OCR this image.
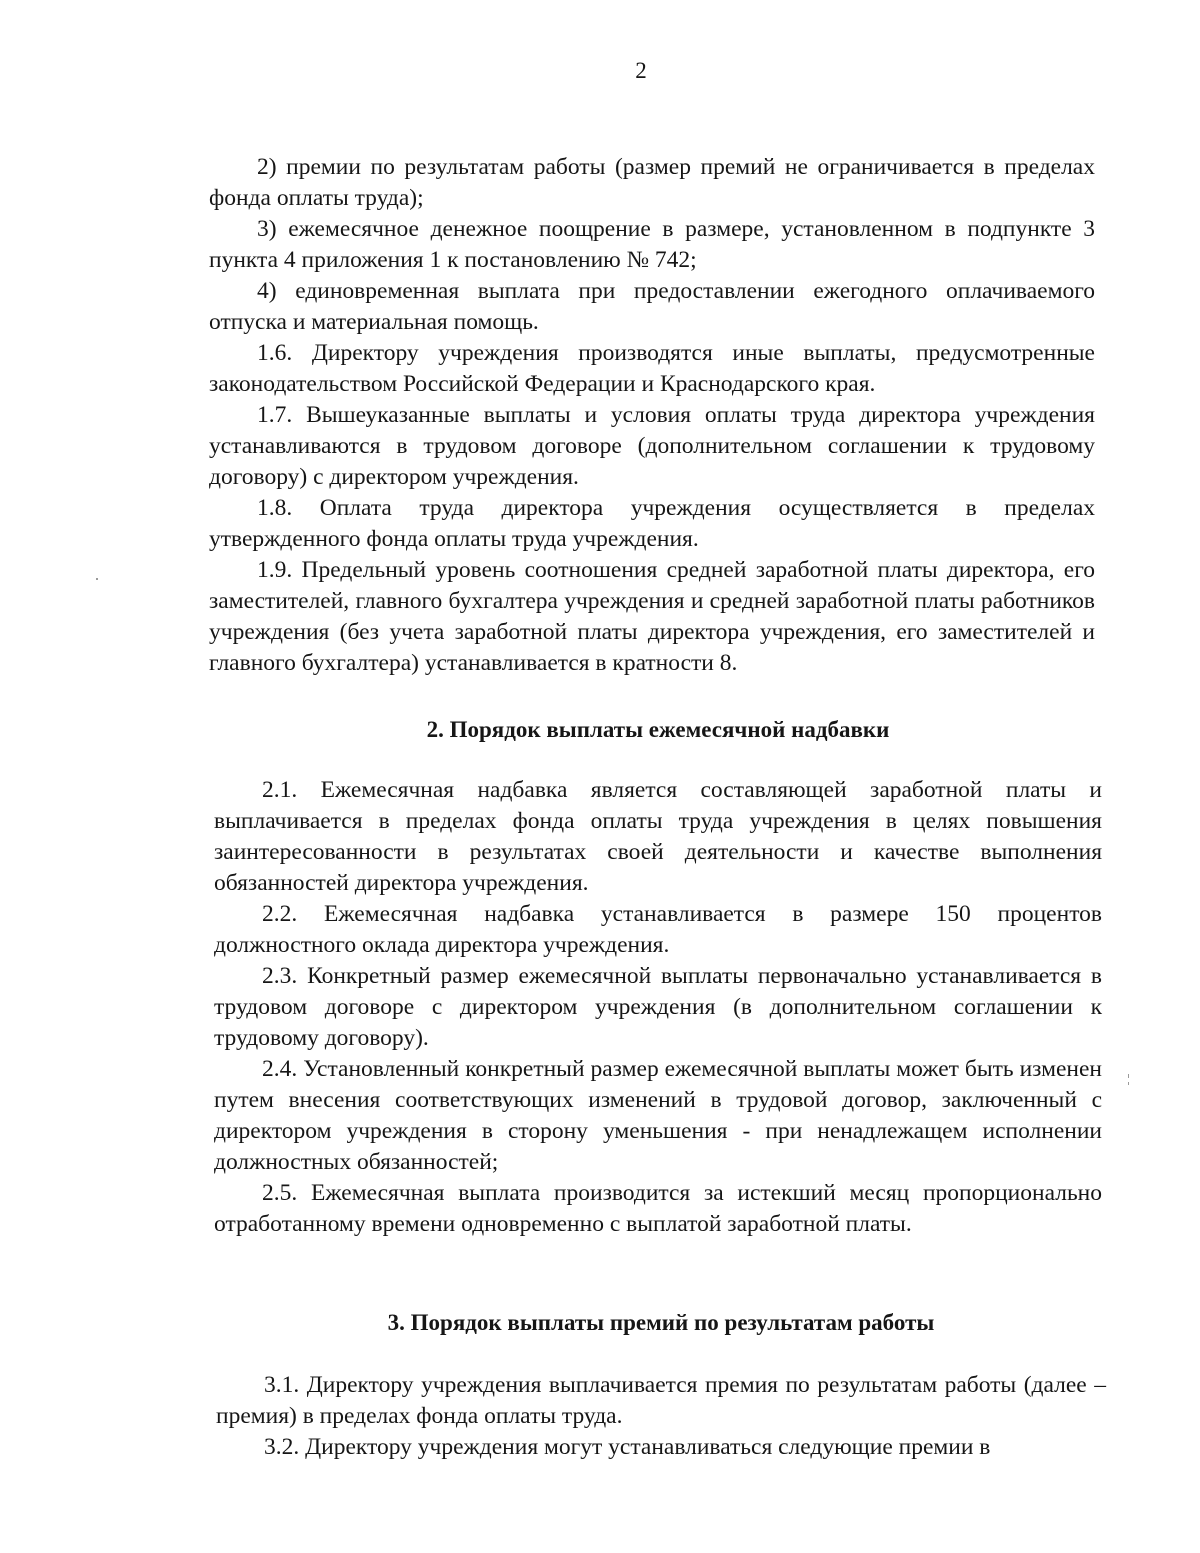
2

2) премии по результатам работы (размер премий не ограничивается в пределах фонда оплаты труда);

3) ежемесячное денежное поощрение в размере, установленном в подпункте 3 пункта 4 приложения 1 к постановлению № 742;

4) единовременная выплата при предоставлении ежегодного оплачиваемого отпуска и материальная помощь.

1.6. Директору учреждения производятся иные выплаты, предусмотренные законодательством Российской Федерации и Краснодарского края.

1.7. Вышеуказанные выплаты и условия оплаты труда директора учреждения устанавливаются в трудовом договоре (дополнительном соглашении к трудовому договору) с директором учреждения.

1.8. Оплата труда директора учреждения осуществляется в пределах утвержденного фонда оплаты труда учреждения.

1.9. Предельный уровень соотношения средней заработной платы директора, его заместителей, главного бухгалтера учреждения и средней заработной платы работников учреждения (без учета заработной платы директора учреждения, его заместителей и главного бухгалтера) устанавливается в кратности 8.

2. Порядок выплаты ежемесячной надбавки

2.1. Ежемесячная надбавка является составляющей заработной платы и выплачивается в пределах фонда оплаты труда учреждения в целях повышения заинтересованности в результатах своей деятельности и качестве выполнения обязанностей директора учреждения.

2.2. Ежемесячная надбавка устанавливается в размере 150 процентов должностного оклада директора учреждения.

2.3. Конкретный размер ежемесячной выплаты первоначально устанавливается в трудовом договоре с директором учреждения (в дополнительном соглашении к трудовому договору).

2.4. Установленный конкретный размер ежемесячной выплаты может быть изменен путем внесения соответствующих изменений в трудовой договор, заключенный с директором учреждения в сторону уменьшения - при ненадлежащем исполнении должностных обязанностей;

2.5. Ежемесячная выплата производится за истекший месяц пропорционально отработанному времени одновременно с выплатой заработной платы.

3. Порядок выплаты премий по результатам работы

3.1. Директору учреждения выплачивается премия по результатам работы (далее – премия) в пределах фонда оплаты труда.

3.2. Директору учреждения могут устанавливаться следующие премии в
